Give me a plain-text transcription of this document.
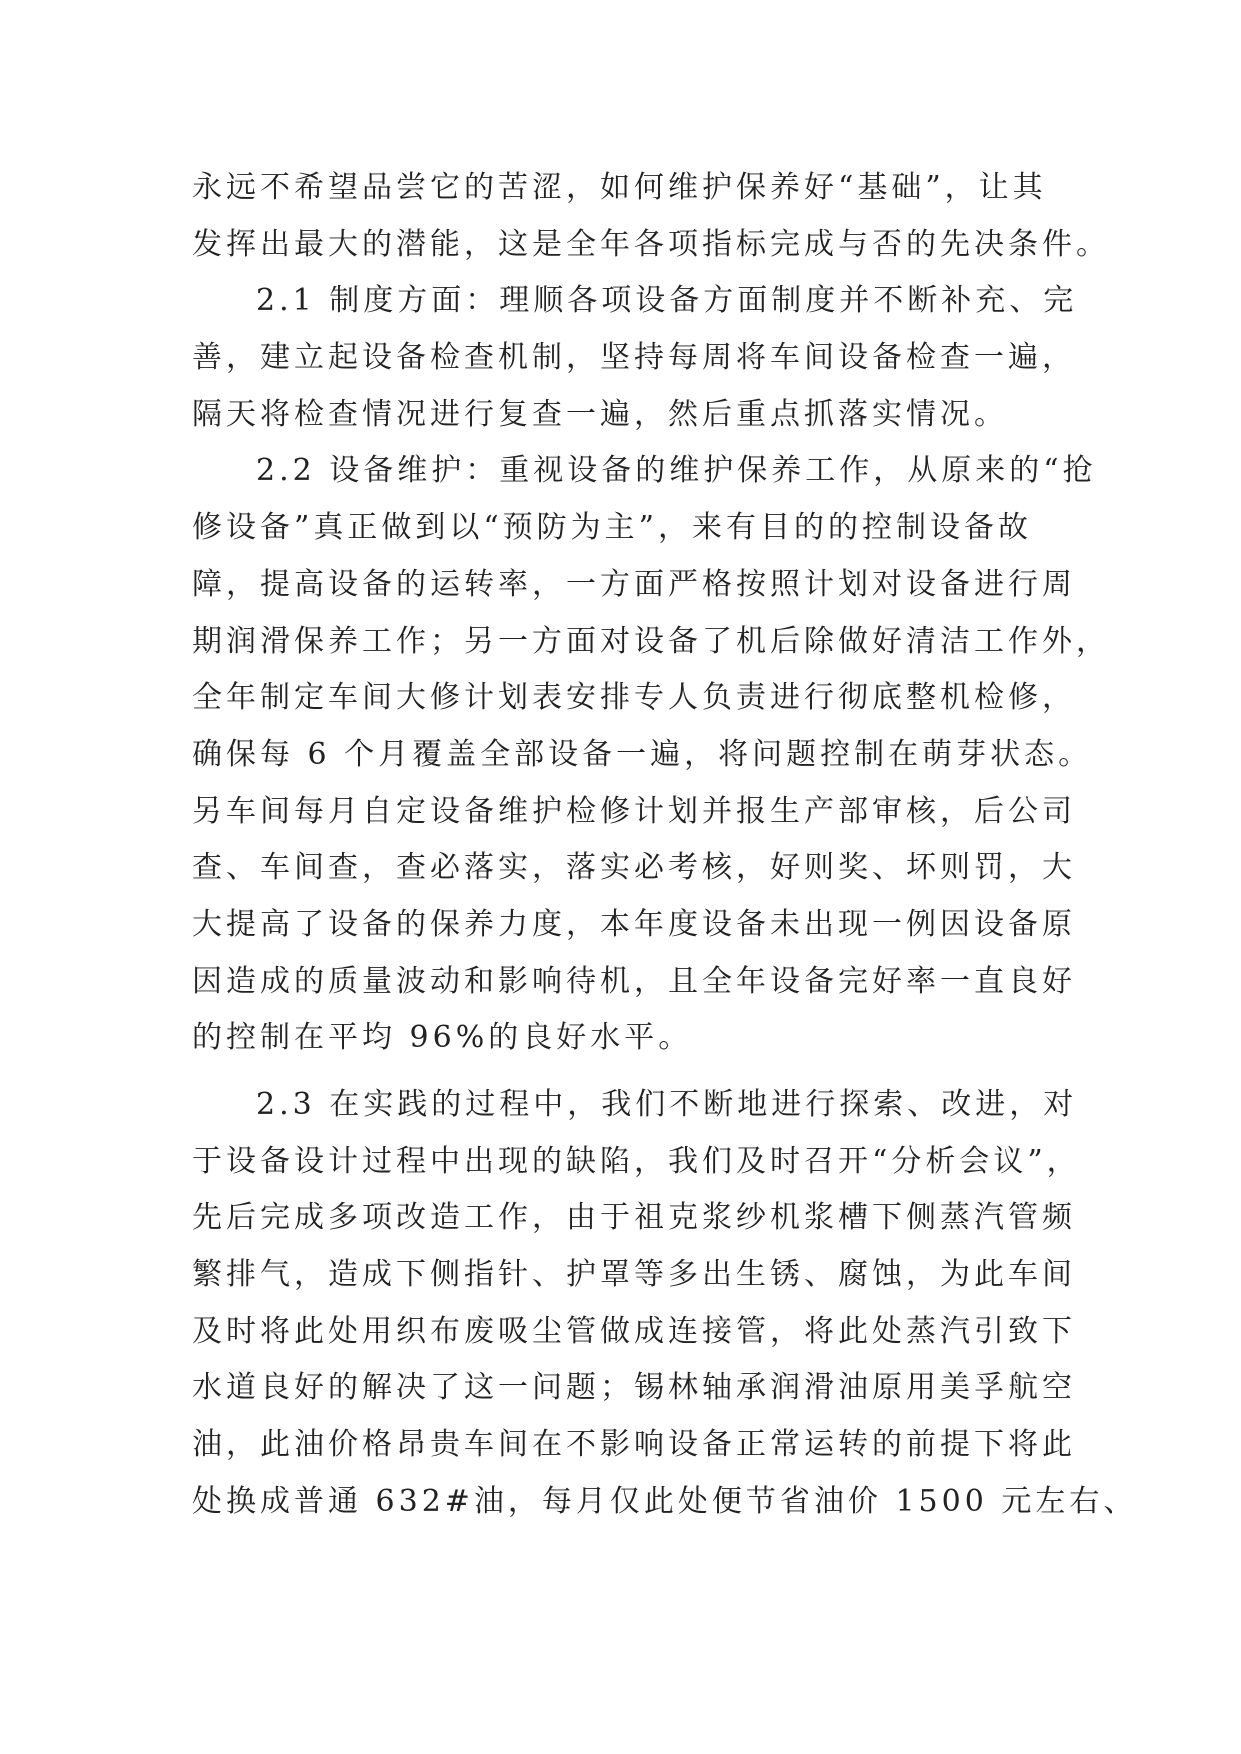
永远不希望品尝它的苦涩，如何维护保养好“基础”，让其
发挥出最大的潜能，这是全年各项指标完成与否的先决条件。
2.1 制度方面：理顺各项设备方面制度并不断补充、完
善，建立起设备检查机制，坚持每周将车间设备检查一遍，
隔天将检查情况进行复查一遍，然后重点抓落实情况。
2.2 设备维护：重视设备的维护保养工作，从原来的“抢
修设备”真正做到以“预防为主”，来有目的的控制设备故
障，提高设备的运转率，一方面严格按照计划对设备进行周
期润滑保养工作；另一方面对设备了机后除做好清洁工作外，
全年制定车间大修计划表安排专人负责进行彻底整机检修，
确保每 6 个月覆盖全部设备一遍，将问题控制在萌芽状态。
另车间每月自定设备维护检修计划并报生产部审核，后公司
查、车间查，查必落实，落实必考核，好则奖、坏则罚，大
大提高了设备的保养力度，本年度设备未出现一例因设备原
因造成的质量波动和影响待机，且全年设备完好率一直良好
的控制在平均 96%的良好水平。
2.3 在实践的过程中，我们不断地进行探索、改进，对
于设备设计过程中出现的缺陷，我们及时召开“分析会议”，
先后完成多项改造工作，由于祖克浆纱机浆槽下侧蒸汽管频
繁排气，造成下侧指针、护罩等多出生锈、腐蚀，为此车间
及时将此处用织布废吸尘管做成连接管，将此处蒸汽引致下
水道良好的解决了这一问题；锡林轴承润滑油原用美孚航空
油，此油价格昂贵车间在不影响设备正常运转的前提下将此
处换成普通 632#油，每月仅此处便节省油价 1500 元左右、
